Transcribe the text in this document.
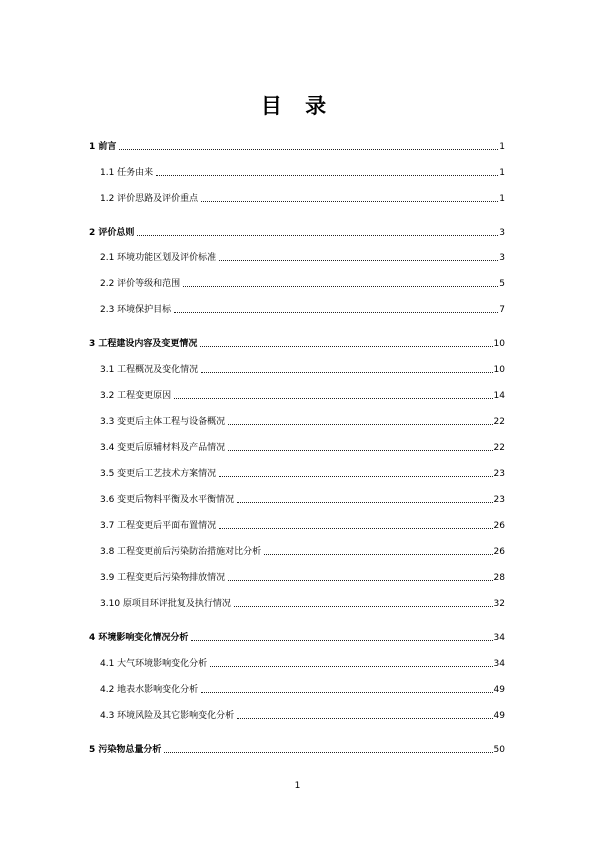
目 录
1 前言	1
1.1 任务由来	1
1.2 评价思路及评价重点	1
2 评价总则	3
2.1 环境功能区划及评价标准	3
2.2 评价等级和范围	5
2.3 环境保护目标	7
3 工程建设内容及变更情况	10
3.1 工程概况及变化情况	10
3.2 工程变更原因	14
3.3 变更后主体工程与设备概况	22
3.4 变更后原辅材料及产品情况	22
3.5 变更后工艺技术方案情况	23
3.6 变更后物料平衡及水平衡情况	23
3.7 工程变更后平面布置情况	26
3.8 工程变更前后污染防治措施对比分析	26
3.9 工程变更后污染物排放情况	28
3.10 原项目环评批复及执行情况	32
4 环境影响变化情况分析	34
4.1 大气环境影响变化分析	34
4.2 地表水影响变化分析	49
4.3 环境风险及其它影响变化分析	49
5 污染物总量分析	50
1
